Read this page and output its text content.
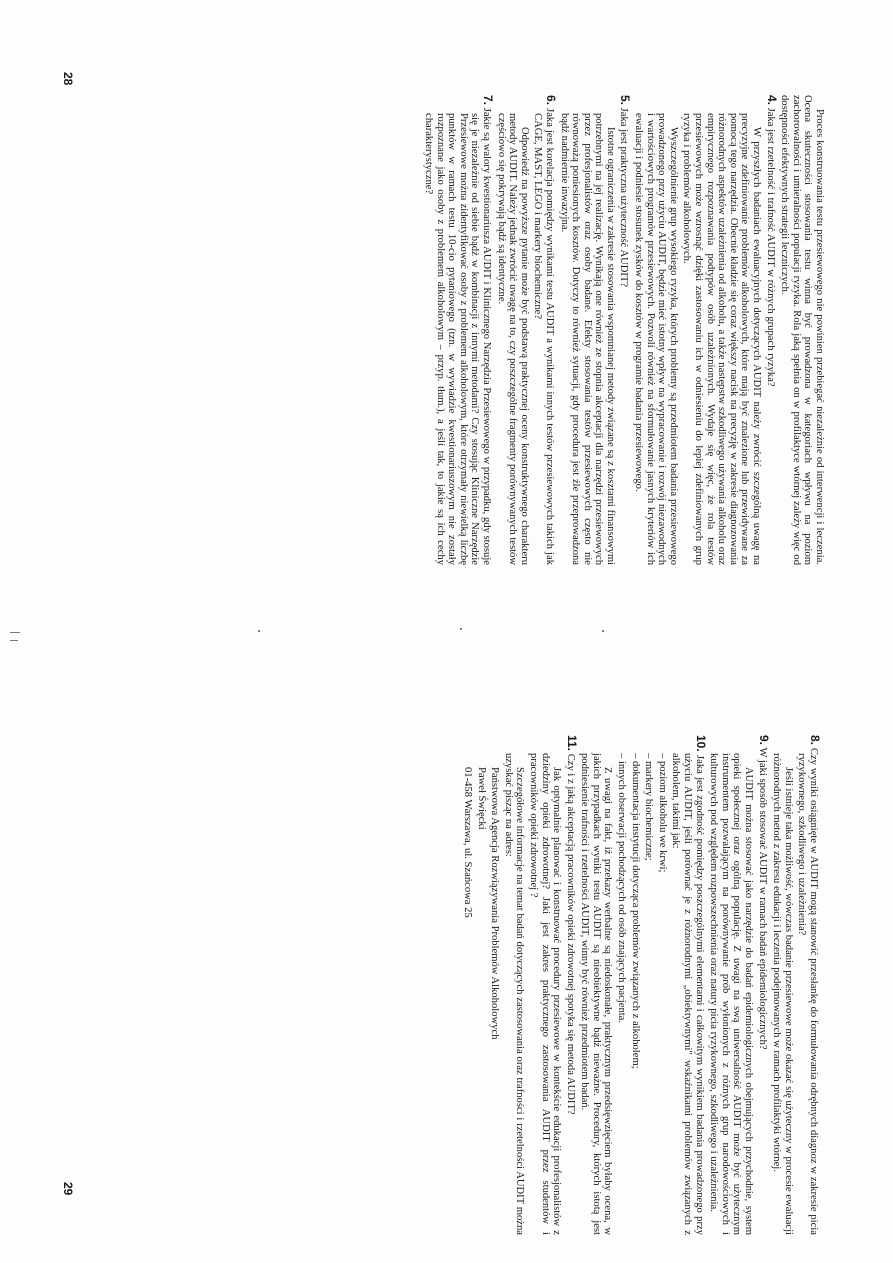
Proces konstruowania testu przesiewowego nie powinien przebiegać niezależnie od interwencji i leczenia. Ocena skuteczności stosowania testu winna być prowadzona w kategoriach wpływu na poziom zachorowalności i umieralności populacji ryzyka. Rola jaką spełnia on w profilaktyce wtórnej zależy więc od dostępności efektywnych strategii leczniczych.

4. Jaka jest rzetelność i trafność AUDIT w różnych grupach ryzyka?

W przyszłych badaniach ewaluacyjnych dotyczących AUDIT należy zwrócić szczególną uwagę na precyzyjne zdefiniowanie problemów alkoholowych, które mają być znalezione lub przewidywane za pomocą tego narzędzia. Obecnie kładzie się coraz większy nacisk na precyzję w zakresie diagnozowania różnorodnych aspektów uzależnienia od alkoholu, a także następstw szkodliwego używania alkoholu oraz empirycznego rozpoznawania podtypów osób uzależnionych. Wydaje się więc, że rola testów przesiewowych może wzrosnąć dzięki zastosowaniu ich w odniesieniu do lepiej zdefiniowanych grup ryzyka i problemów alkoholowych.

Wyszczególnienie grup wysokiego ryzyka, których problemy są przedmiotem badania przesiewowego prowadzonego przy użyciu AUDIT, będzie mieć istotny wpływ na wypracowanie i rozwój niezawodnych i wartościowych programów przesiewowych. Pozwoli również na sformułowanie jasnych kryteriów ich ewaluacji i podniesie stosunek zysków do kosztów w programie badania przesiewowego.

5. Jaka jest praktyczna użyteczność AUDIT?

Istotne ograniczenia w zakresie stosowania wspomnianej metody związane są z kosztami finansowymi potrzebnymi na jej realizację. Wynikają one również ze stopnia akceptacji dla narzędzi przesiewowych przez profesjonalistów oraz osoby badane. Efekty stosowania testów przesiewowych często nie równoważą poniesionych kosztów. Dotyczy to również sytuacji, gdy procedura jest źle przeprowadzona bądź nadmiernie inwazyjna.

6. Jaka jest korelacja pomiędzy wynikami testu AUDIT a wynikami innych testów przesiewowych takich jak CAGE, MAST, LEGO i markery biochemiczne?

Odpowiedź na powyższe pytanie może być podstawą praktycznej oceny konstruktywnego charakteru metody AUDIT. Należy jednak zwrócić uwagę na to, czy poszczególne fragmenty porównywanych testów częściowo się pokrywają bądź są identyczne.

7. Jakie są walory kwestionariusza AUDIT i Klinicznego Narzędzia Przesiewowego w przypadku, gdy stosuje się je niezależnie od siebie bądź w kombinacji z innymi metodami? Czy stosując Kliniczne Narzędzie Przesiewowe można zidentyfikować osoby z problemem alkoholowym, które otrzymały niewielką liczbę punktów w ramach testu 10-cio pytaniowego (tzn. w wywiadzie kwestionariuszowym nie zostały rozpoznane jako osoby z problemem alkoholowym – przyp. tłum.), a jeśli tak, to jakie są ich cechy charakterystyczne?

28

8. Czy wyniki osiągnięte w AUDIT mogą stanowić przesłankę do formułowania odrębnych diagnoz w zakresie picia ryzykownego, szkodliwego i uzależnienia?

Jeśli istnieje taka możliwość, wówczas badanie przesiewowe może okazać się użyteczny w procesie ewaluacji różnorodnych metod z zakresu edukacji i leczenia podejmowanych w ramach profilaktyki wtórnej.

9. W jaki sposób stosować AUDIT w ramach badań epidemiologicznych?

AUDIT można stosować jako narzędzie do badań epidemiologicznych obejmujących przychodnie, system opieki społecznej oraz ogólną populację. Z uwagi na swą uniwersalność AUDIT może być użytecznym instrumentem pozwalającym na porównywanie prób wyłonionych z różnych grup narodowościowych i kulturowych pod względem rozpowszechnienia oraz natury picia ryzykownego, szkodliwego i uzależnienia.

10. Jaka jest zgodność pomiędzy poszczególnymi elementami i całkowitym wynikiem badania prowadzonego przy użyciu AUDIT, jeśli porównać je z różnorodnymi „obiektywnymi" wskaźnikami problemów związanych z alkoholem, takimi jak:

– poziom alkoholu we krwi;

– markery biochemiczne;

– dokumentacja instytucji dotycząca problemów związanych z alkoholem;

– innych obserwacji pochodzących od osób znających pacjenta.

Z uwagi na fakt, iż przekazy werbalne są niedoskonałe, praktycznym przedsięwzięciem byłaby ocena, w jakich przypadkach wyniki testu AUDIT są nieobiektywne bądź nieważne. Procedury, których istotą jest podniesienie trafności i rzetelności AUDIT, winny być również przedmiotem badań.

11. Czy i z jaką akceptacją pracowników opieki zdrowotnej spotyka się metoda AUDIT?

Jak optymalnie planować i konstruować procedury przesiewowe w kontekście edukacji profesjonalistów z dziedziny opieki zdrowotnej? Jaki jest zakres praktycznego zastosowania AUDIT przez studentów i pracowników opieki zdrowotnej ?

Szczegółowe informacje na temat badań dotyczących zastosowania oraz trafności i rzetelności AUDIT można uzyskać pisząc na adres:

Państwowa Agencja Rozwiązywania Problemów Alkoholowych

Paweł Święcki

01-458 Warszawa, ul. Szańcowa 25

29
